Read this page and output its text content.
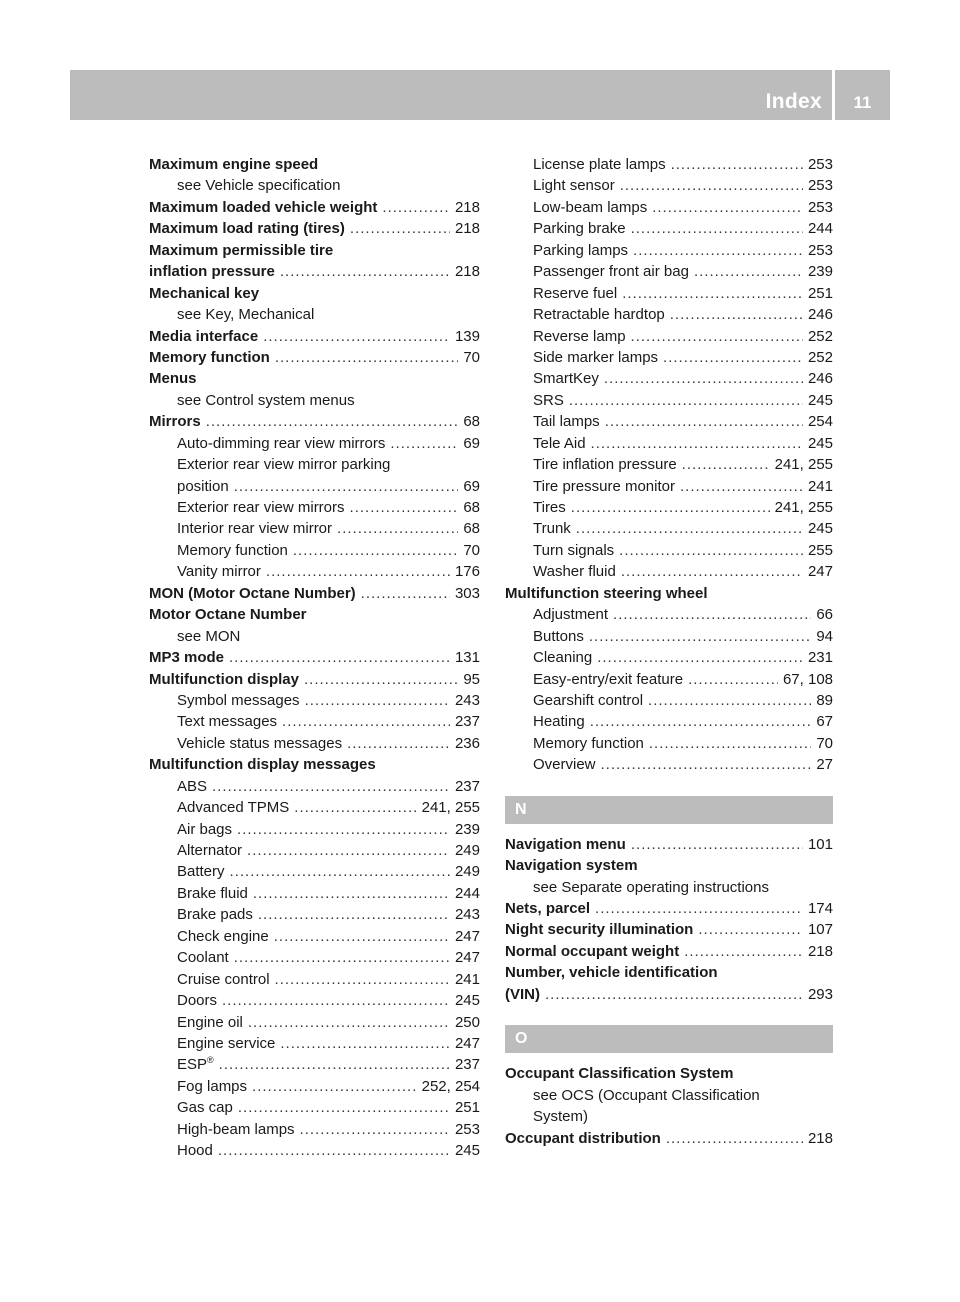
Index	11
Maximum engine speed
see Vehicle specification
Maximum loaded vehicle weight .....	218
Maximum load rating (tires) .....	218
Maximum permissible tire
inflation pressure .....	218
Mechanical key
see Key, Mechanical
Media interface .....	139
Memory function .....	70
Menus
see Control system menus
Mirrors .....	68
Auto-dimming rear view mirrors .....	69
Exterior rear view mirror parking
position .....	69
Exterior rear view mirrors .....	68
Interior rear view mirror .....	68
Memory function .....	70
Vanity mirror .....	176
MON (Motor Octane Number) .....	303
Motor Octane Number
see MON
MP3 mode .....	131
Multifunction display .....	95
Symbol messages .....	243
Text messages .....	237
Vehicle status messages .....	236
Multifunction display messages
ABS .....	237
Advanced TPMS .....	241, 255
Air bags .....	239
Alternator .....	249
Battery .....	249
Brake fluid .....	244
Brake pads .....	243
Check engine .....	247
Coolant .....	247
Cruise control .....	241
Doors .....	245
Engine oil .....	250
Engine service .....	247
ESP® .....	237
Fog lamps .....	252, 254
Gas cap .....	251
High-beam lamps .....	253
Hood .....	245
License plate lamps .....	253
Light sensor .....	253
Low-beam lamps .....	253
Parking brake .....	244
Parking lamps .....	253
Passenger front air bag .....	239
Reserve fuel .....	251
Retractable hardtop .....	246
Reverse lamp .....	252
Side marker lamps .....	252
SmartKey .....	246
SRS .....	245
Tail lamps .....	254
Tele Aid .....	245
Tire inflation pressure .....	241, 255
Tire pressure monitor .....	241
Tires .....	241, 255
Trunk .....	245
Turn signals .....	255
Washer fluid .....	247
Multifunction steering wheel
Adjustment .....	66
Buttons .....	94
Cleaning .....	231
Easy-entry/exit feature .....	67, 108
Gearshift control .....	89
Heating .....	67
Memory function .....	70
Overview .....	27
N
Navigation menu .....	101
Navigation system
see Separate operating instructions
Nets, parcel .....	174
Night security illumination .....	107
Normal occupant weight .....	218
Number, vehicle identification
(VIN) .....	293
O
Occupant Classification System
see OCS (Occupant Classification
System)
Occupant distribution .....	218
